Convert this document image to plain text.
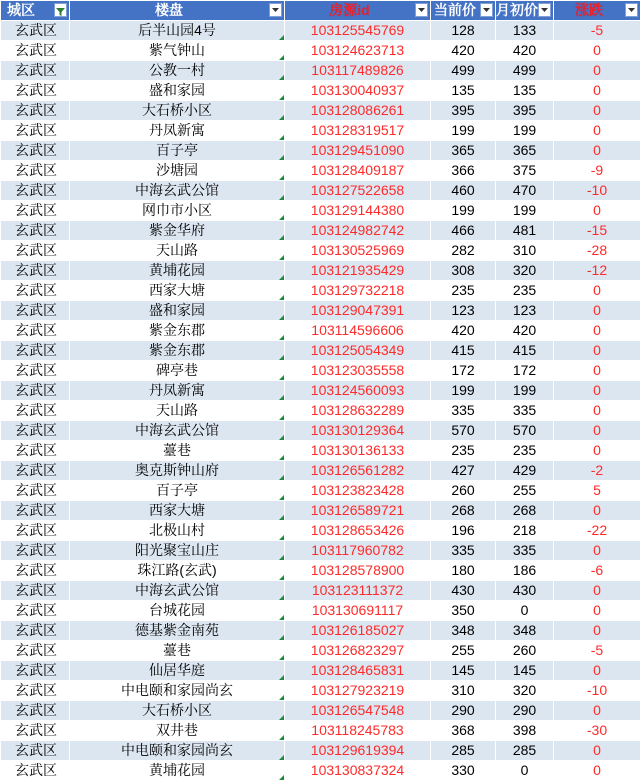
城区	楼盘	房源id	当前价	月初价	涨跌

玄武区	后半山园4号	103125545769	128	133	-5
玄武区	紫气钟山	103124623713	420	420	0
玄武区	公教一村	103117489826	499	499	0
玄武区	盛和家园	103130040937	135	135	0
玄武区	大石桥小区	103128086261	395	395	0
玄武区	丹凤新寓	103128319517	199	199	0
玄武区	百子亭	103129451090	365	365	0
玄武区	沙塘园	103128409187	366	375	-9
玄武区	中海玄武公馆	103127522658	460	470	-10
玄武区	网巾市小区	103129144380	199	199	0
玄武区	紫金华府	103124982742	466	481	-15
玄武区	天山路	103130525969	282	310	-28
玄武区	黄埔花园	103121935429	308	320	-12
玄武区	西家大塘	103129732218	235	235	0
玄武区	盛和家园	103129047391	123	123	0
玄武区	紫金东郡	103114596606	420	420	0
玄武区	紫金东郡	103125054349	415	415	0
玄武区	碑亭巷	103123035558	172	172	0
玄武区	丹凤新寓	103124560093	199	199	0
玄武区	天山路	103128632289	335	335	0
玄武区	中海玄武公馆	103130129364	570	570	0
玄武区	薹巷	103130136133	235	235	0
玄武区	奥克斯钟山府	103126561282	427	429	-2
玄武区	百子亭	103123823428	260	255	5
玄武区	西家大塘	103126589721	268	268	0
玄武区	北极山村	103128653426	196	218	-22
玄武区	阳光聚宝山庄	103117960782	335	335	0
玄武区	珠江路(玄武)	103128578900	180	186	-6
玄武区	中海玄武公馆	103123111372	430	430	0
玄武区	台城花园	103130691117	350	0	0
玄武区	德基紫金南苑	103126185027	348	348	0
玄武区	薹巷	103126823297	255	260	-5
玄武区	仙居华庭	103128465831	145	145	0
玄武区	中电颐和家园尚玄	103127923219	310	320	-10
玄武区	大石桥小区	103126547548	290	290	0
玄武区	双井巷	103118245783	368	398	-30
玄武区	中电颐和家园尚玄	103129619394	285	285	0
玄武区	黄埔花园	103130837324	330	0	0
